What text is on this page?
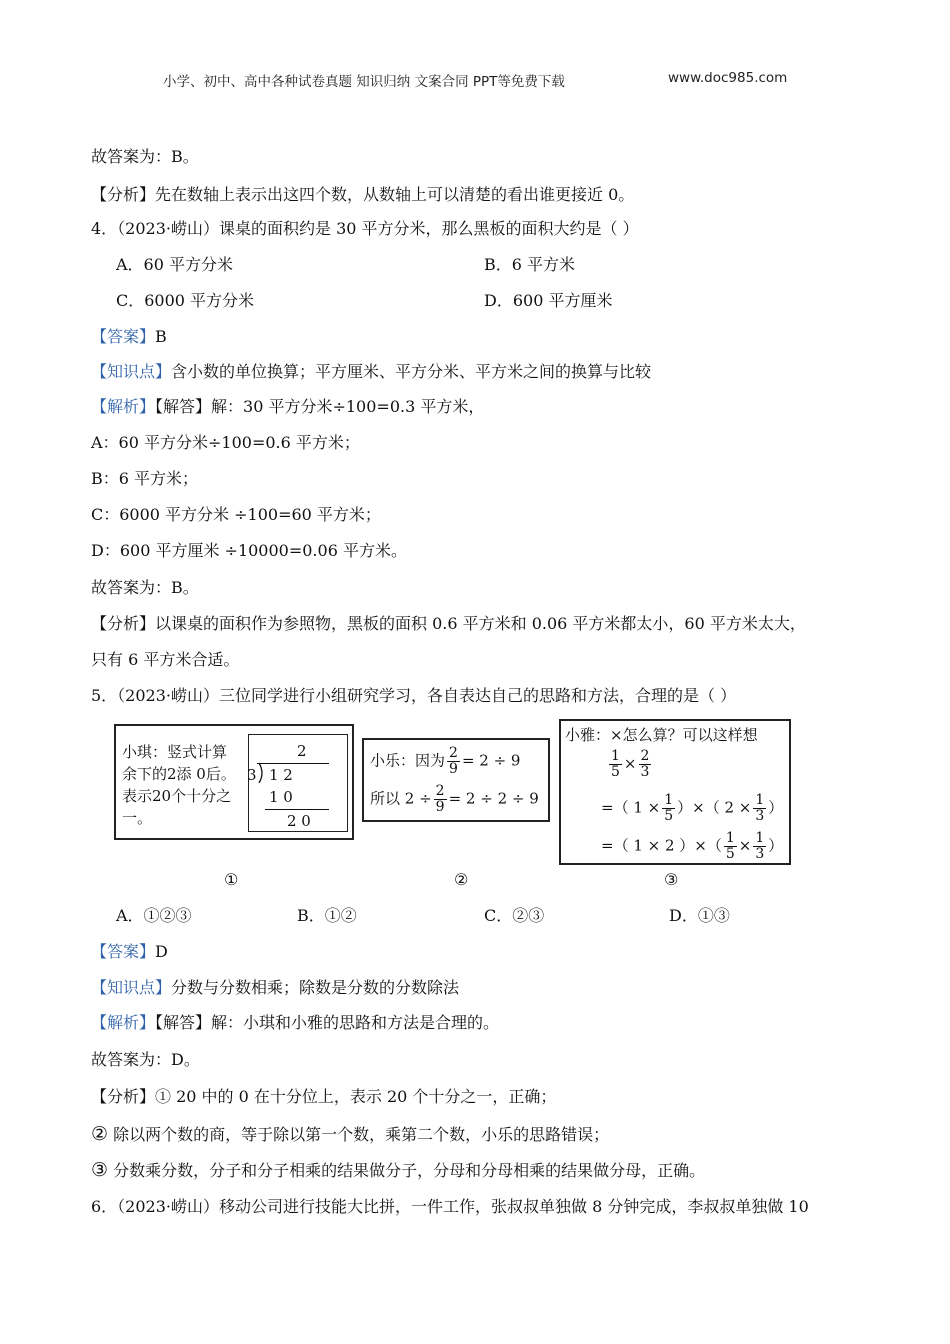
小学、初中、高中各种试卷真题 知识归纳 文案合同 PPT等免费下载	www.doc985.com
故答案为：B。
【分析】先在数轴上表示出这四个数，从数轴上可以清楚的看出谁更接近 0。
4．（2023·崂山）课桌的面积约是 30 平方分米，那么黑板的面积大约是（ ）
A．60 平方分米	B．6 平方米
C．6000 平方分米	D．600 平方厘米
【答案】B
【知识点】含小数的单位换算；平方厘米、平方分米、平方米之间的换算与比较
【解析】【解答】解：30 平方分米÷100=0.3 平方米，
A：60 平方分米÷100=0.6 平方米；
B：6 平方米；
C：6000 平方分米 ÷100=60 平方米；
D：600 平方厘米 ÷10000=0.06 平方米。
故答案为：B。
【分析】以课桌的面积作为参照物，黑板的面积 0.6 平方米和 0.06 平方米都太小，60 平方米太大，
只有 6 平方米合适。
5．（2023·崂山）三位同学进行小组研究学习，各自表达自己的思路和方法，合理的是（ ）
小琪：竖式计算
余下的2添 0后。
表示20个十分之
一。
2
3 1 2
1 0
2 0
小乐：因为 $\frac{2}{9} = 2 \div 9$
所以 $2 \div \frac{2}{9} = 2 \div 2 \div 9$
小雅：×怎么算？可以这样想
$\frac{1}{5} \times \frac{2}{3}$
=（ $1 \times \frac{1}{5}$ ）×（ $2 \times \frac{1}{3}$ ）
=（ 1 × 2 ）×（ $\frac{1}{5} \times \frac{1}{3}$ ）
①	②	③
A．①②③	B．①②	C．②③	D．①③
【答案】D
【知识点】分数与分数相乘；除数是分数的分数除法
【解析】【解答】解：小琪和小雅的思路和方法是合理的。
故答案为：D。
【分析】① 20 中的 0 在十分位上，表示 20 个十分之一，正确；
② 除以两个数的商，等于除以第一个数，乘第二个数，小乐的思路错误；
③ 分数乘分数，分子和分子相乘的结果做分子，分母和分母相乘的结果做分母，正确。
6．（2023·崂山）移动公司进行技能大比拼，一件工作，张叔叔单独做 8 分钟完成，李叔叔单独做 10
